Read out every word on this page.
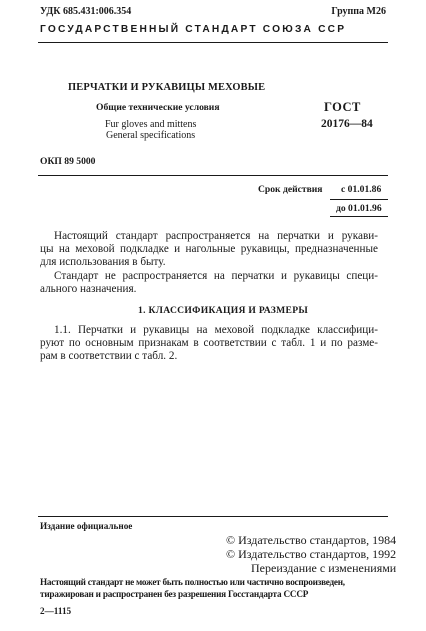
УДК 685.431:006.354	Группа М26
ГОСУДАРСТВЕННЫЙ СТАНДАРТ СОЮЗА ССР
ПЕРЧАТКИ И РУКАВИЦЫ МЕХОВЫЕ
Общие технические условия
Fur gloves and mittens
General specifications
ГОСТ
20176—84
ОКП 89 5000
Срок действия с 01.01.86
до 01.01.96
Настоящий стандарт распространяется на перчатки и рукави-
цы на меховой подкладке и нагольные рукавицы, предназначенные
для использования в быту.
Стандарт не распространяется на перчатки и рукавицы специ-
ального назначения.
1. КЛАССИФИКАЦИЯ И РАЗМЕРЫ
1.1. Перчатки и рукавицы на меховой подкладке классифици-
руют по основным признакам в соответствии с табл. 1 и по разме-
рам в соответствии с табл. 2.
Издание официальное
© Издательство стандартов, 1984
© Издательство стандартов, 1992
Переиздание с изменениями
Настоящий стандарт не может быть полностью или частично воспроизведен,
тиражирован и распространен без разрешения Госстандарта СССР
2—1115
